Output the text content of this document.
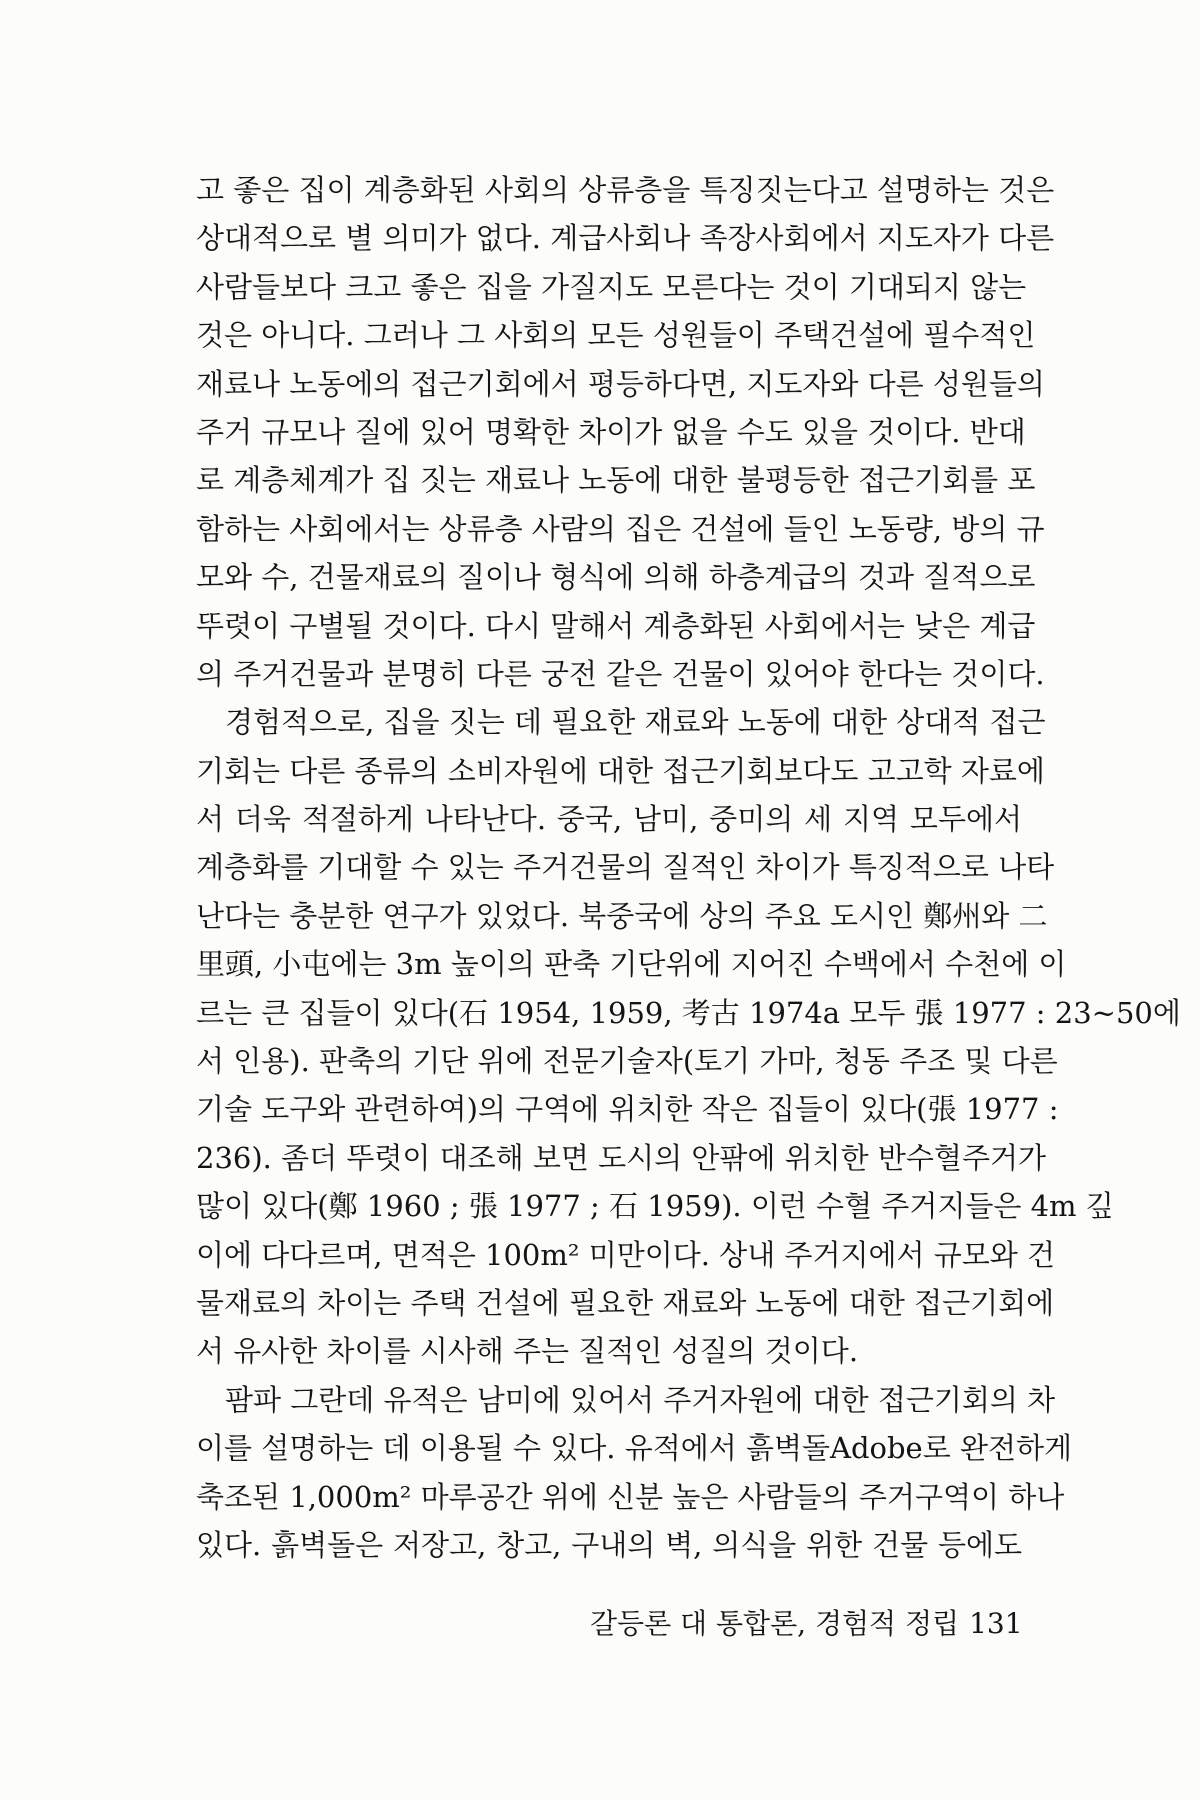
고 좋은 집이 계층화된 사회의 상류층을 특징짓는다고 설명하는 것은
상대적으로 별 의미가 없다. 계급사회나 족장사회에서 지도자가 다른
사람들보다 크고 좋은 집을 가질지도 모른다는 것이 기대되지 않는
것은 아니다. 그러나 그 사회의 모든 성원들이 주택건설에 필수적인
재료나 노동에의 접근기회에서 평등하다면, 지도자와 다른 성원들의
주거 규모나 질에 있어 명확한 차이가 없을 수도 있을 것이다. 반대
로 계층체계가 집 짓는 재료나 노동에 대한 불평등한 접근기회를 포
함하는 사회에서는 상류층 사람의 집은 건설에 들인 노동량, 방의 규
모와 수, 건물재료의 질이나 형식에 의해 하층계급의 것과 질적으로
뚜렷이 구별될 것이다. 다시 말해서 계층화된 사회에서는 낮은 계급
의 주거건물과 분명히 다른 궁전 같은 건물이 있어야 한다는 것이다.
경험적으로, 집을 짓는 데 필요한 재료와 노동에 대한 상대적 접근
기회는 다른 종류의 소비자원에 대한 접근기회보다도 고고학 자료에
서 더욱 적절하게 나타난다. 중국, 남미, 중미의 세 지역 모두에서
계층화를 기대할 수 있는 주거건물의 질적인 차이가 특징적으로 나타
난다는 충분한 연구가 있었다. 북중국에 상의 주요 도시인 鄭州와 二
里頭, 小屯에는 3m 높이의 판축 기단위에 지어진 수백에서 수천에 이
르는 큰 집들이 있다(石 1954, 1959, 考古 1974a 모두 張 1977 : 23~50에
서 인용). 판축의 기단 위에 전문기술자(토기 가마, 청동 주조 및 다른
기술 도구와 관련하여)의 구역에 위치한 작은 집들이 있다(張 1977 :
236). 좀더 뚜렷이 대조해 보면 도시의 안팎에 위치한 반수혈주거가
많이 있다(鄭 1960 ; 張 1977 ; 石 1959). 이런 수혈 주거지들은 4m 깊
이에 다다르며, 면적은 100m² 미만이다. 상내 주거지에서 규모와 건
물재료의 차이는 주택 건설에 필요한 재료와 노동에 대한 접근기회에
서 유사한 차이를 시사해 주는 질적인 성질의 것이다.
팜파 그란데 유적은 남미에 있어서 주거자원에 대한 접근기회의 차
이를 설명하는 데 이용될 수 있다. 유적에서 흙벽돌Adobe로 완전하게
축조된 1,000m² 마루공간 위에 신분 높은 사람들의 주거구역이 하나
있다. 흙벽돌은 저장고, 창고, 구내의 벽, 의식을 위한 건물 등에도
갈등론 대 통합론, 경험적 정립 131
